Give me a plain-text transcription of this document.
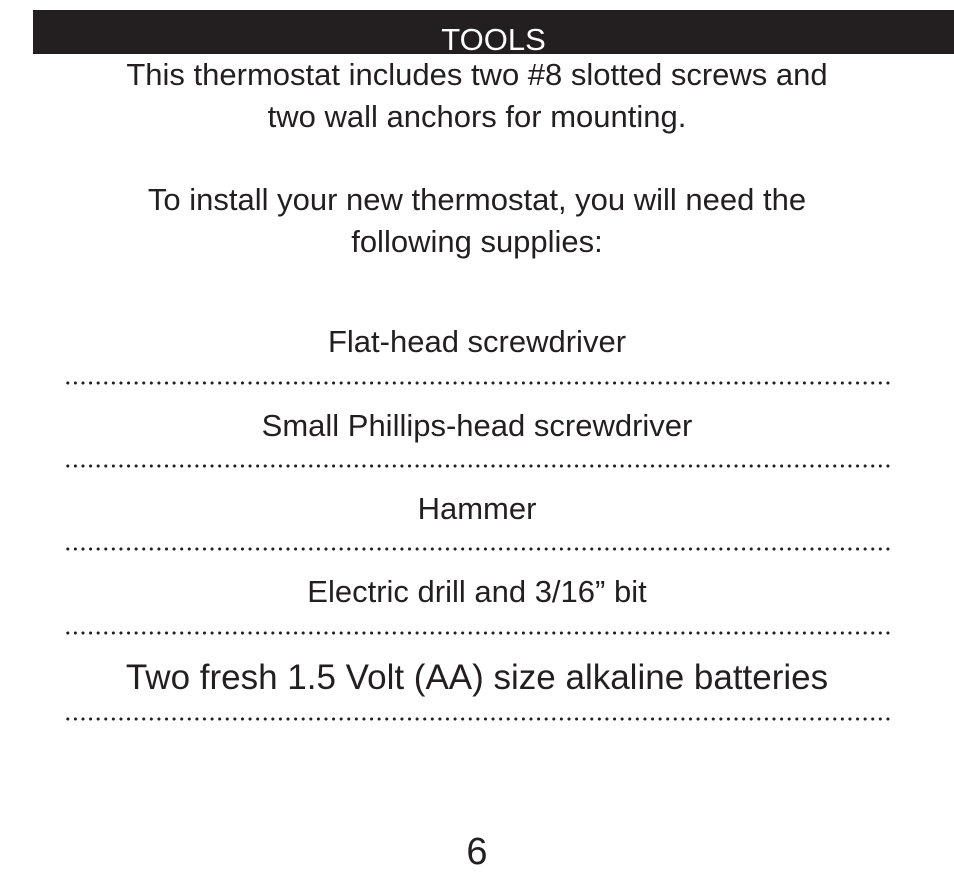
TOOLS
This thermostat includes two #8 slotted screws and
two wall anchors for mounting.
To install your new thermostat, you will need the
following supplies:
Flat-head screwdriver
Small Phillips-head screwdriver
Hammer
Electric drill and 3/16” bit
Two fresh 1.5 Volt (AA) size alkaline batteries
6
